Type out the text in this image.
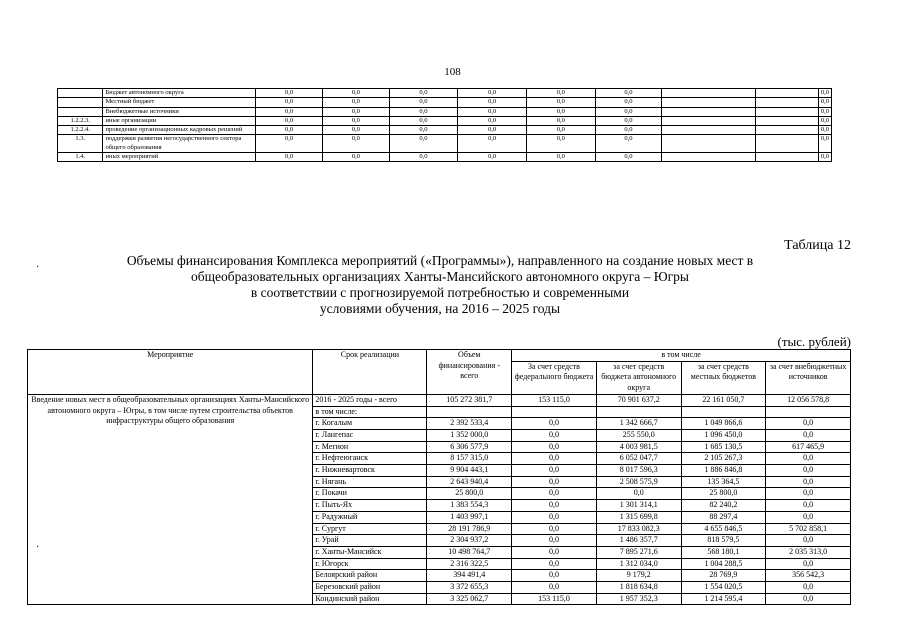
108
	Бюджет автономного округа	0,0	0,0	0,0	0,0	0,0	0,0			0,0
	Местный бюджет	0,0	0,0	0,0	0,0	0,0	0,0			0,0
	Внебюджетные источники	0,0	0,0	0,0	0,0	0,0	0,0			0,0
1.2.2.3.	иные организации	0,0	0,0	0,0	0,0	0,0	0,0			0,0
1.2.2.4.	проведение организационных кадровых решений	0,0	0,0	0,0	0,0	0,0	0,0			0,0
1.3.	поддержки развития негосударственного сектора общего образования	0,0	0,0	0,0	0,0	0,0	0,0			0,0
1.4.	иных мероприятий	0,0	0,0	0,0	0,0	0,0	0,0			0,0
Таблица 12
Объемы финансирования Комплекса мероприятий («Программы»), направленного на создание новых мест в
общеобразовательных организациях Ханты-Мансийского автономного округа – Югры
в соответствии с прогнозируемой потребностью и современными
условиями обучения, на 2016 – 2025 годы
(тыс. рублей)
Мероприятие	Срок реализации	Объем финансирования - всего	в том числе			
			За счет средств федерального бюджета	за счет средств бюджета автономного округа	за счет средств местных бюджетов	за счет внебюджетных источников
Введение новых мест в общеобразовательных организациях Ханты-Мансийского автономного округа – Югры, в том числе путем строительства объектов инфраструктуры общего образования	2016 - 2025 годы - всего	105 272 381,7	153 115,0	70 901 637,2	22 161 050,7	12 056 578,8
	в том числе:					
	г. Когалым	2 392 533,4	0,0	1 342 666,7	1 049 866,6	0,0
	г. Лангепас	1 352 000,0	0,0	255 550,0	1 096 450,0	0,0
	г. Мегион	6 306 577,9	0,0	4 003 981,5	1 685 130,5	617 465,9
	г. Нефтеюганск	8 157 315,0	0,0	6 052 047,7	2 105 267,3	0,0
	г. Нижневартовск	9 904 443,1	0,0	8 017 596,3	1 886 846,8	0,0
	г. Нягань	2 643 940,4	0,0	2 508 575,9	135 364,5	0,0
	г. Покачи	25 800,0	0,0	0,0	25 800,0	0,0
	г. Пыть-Ях	1 383 554,3	0,0	1 301 314,1	82 240,2	0,0
	г. Радужный	1 403 997,1	0,0	1 315 699,8	88 297,4	0,0
	г. Сургут	28 191 786,9	0,0	17 833 082,3	4 655 846,5	5 702 858,1
	г. Урай	2 304 937,2	0,0	1 486 357,7	818 579,5	0,0
	г. Ханты-Мансийск	10 498 764,7	0,0	7 895 271,6	568 180,1	2 035 313,0
	г. Югорск	2 316 322,5	0,0	1 312 034,0	1 004 288,5	0,0
	Белоярский район	394 491,4	0,0	9 179,2	28 769,9	356 542,3
	Березовский район	3 372 655,3	0,0	1 818 634,8	1 554 020,5	0,0
	Кондинский район	3 325 062,7	153 115,0	1 957 352,3	1 214 595,4	0,0
·
·
